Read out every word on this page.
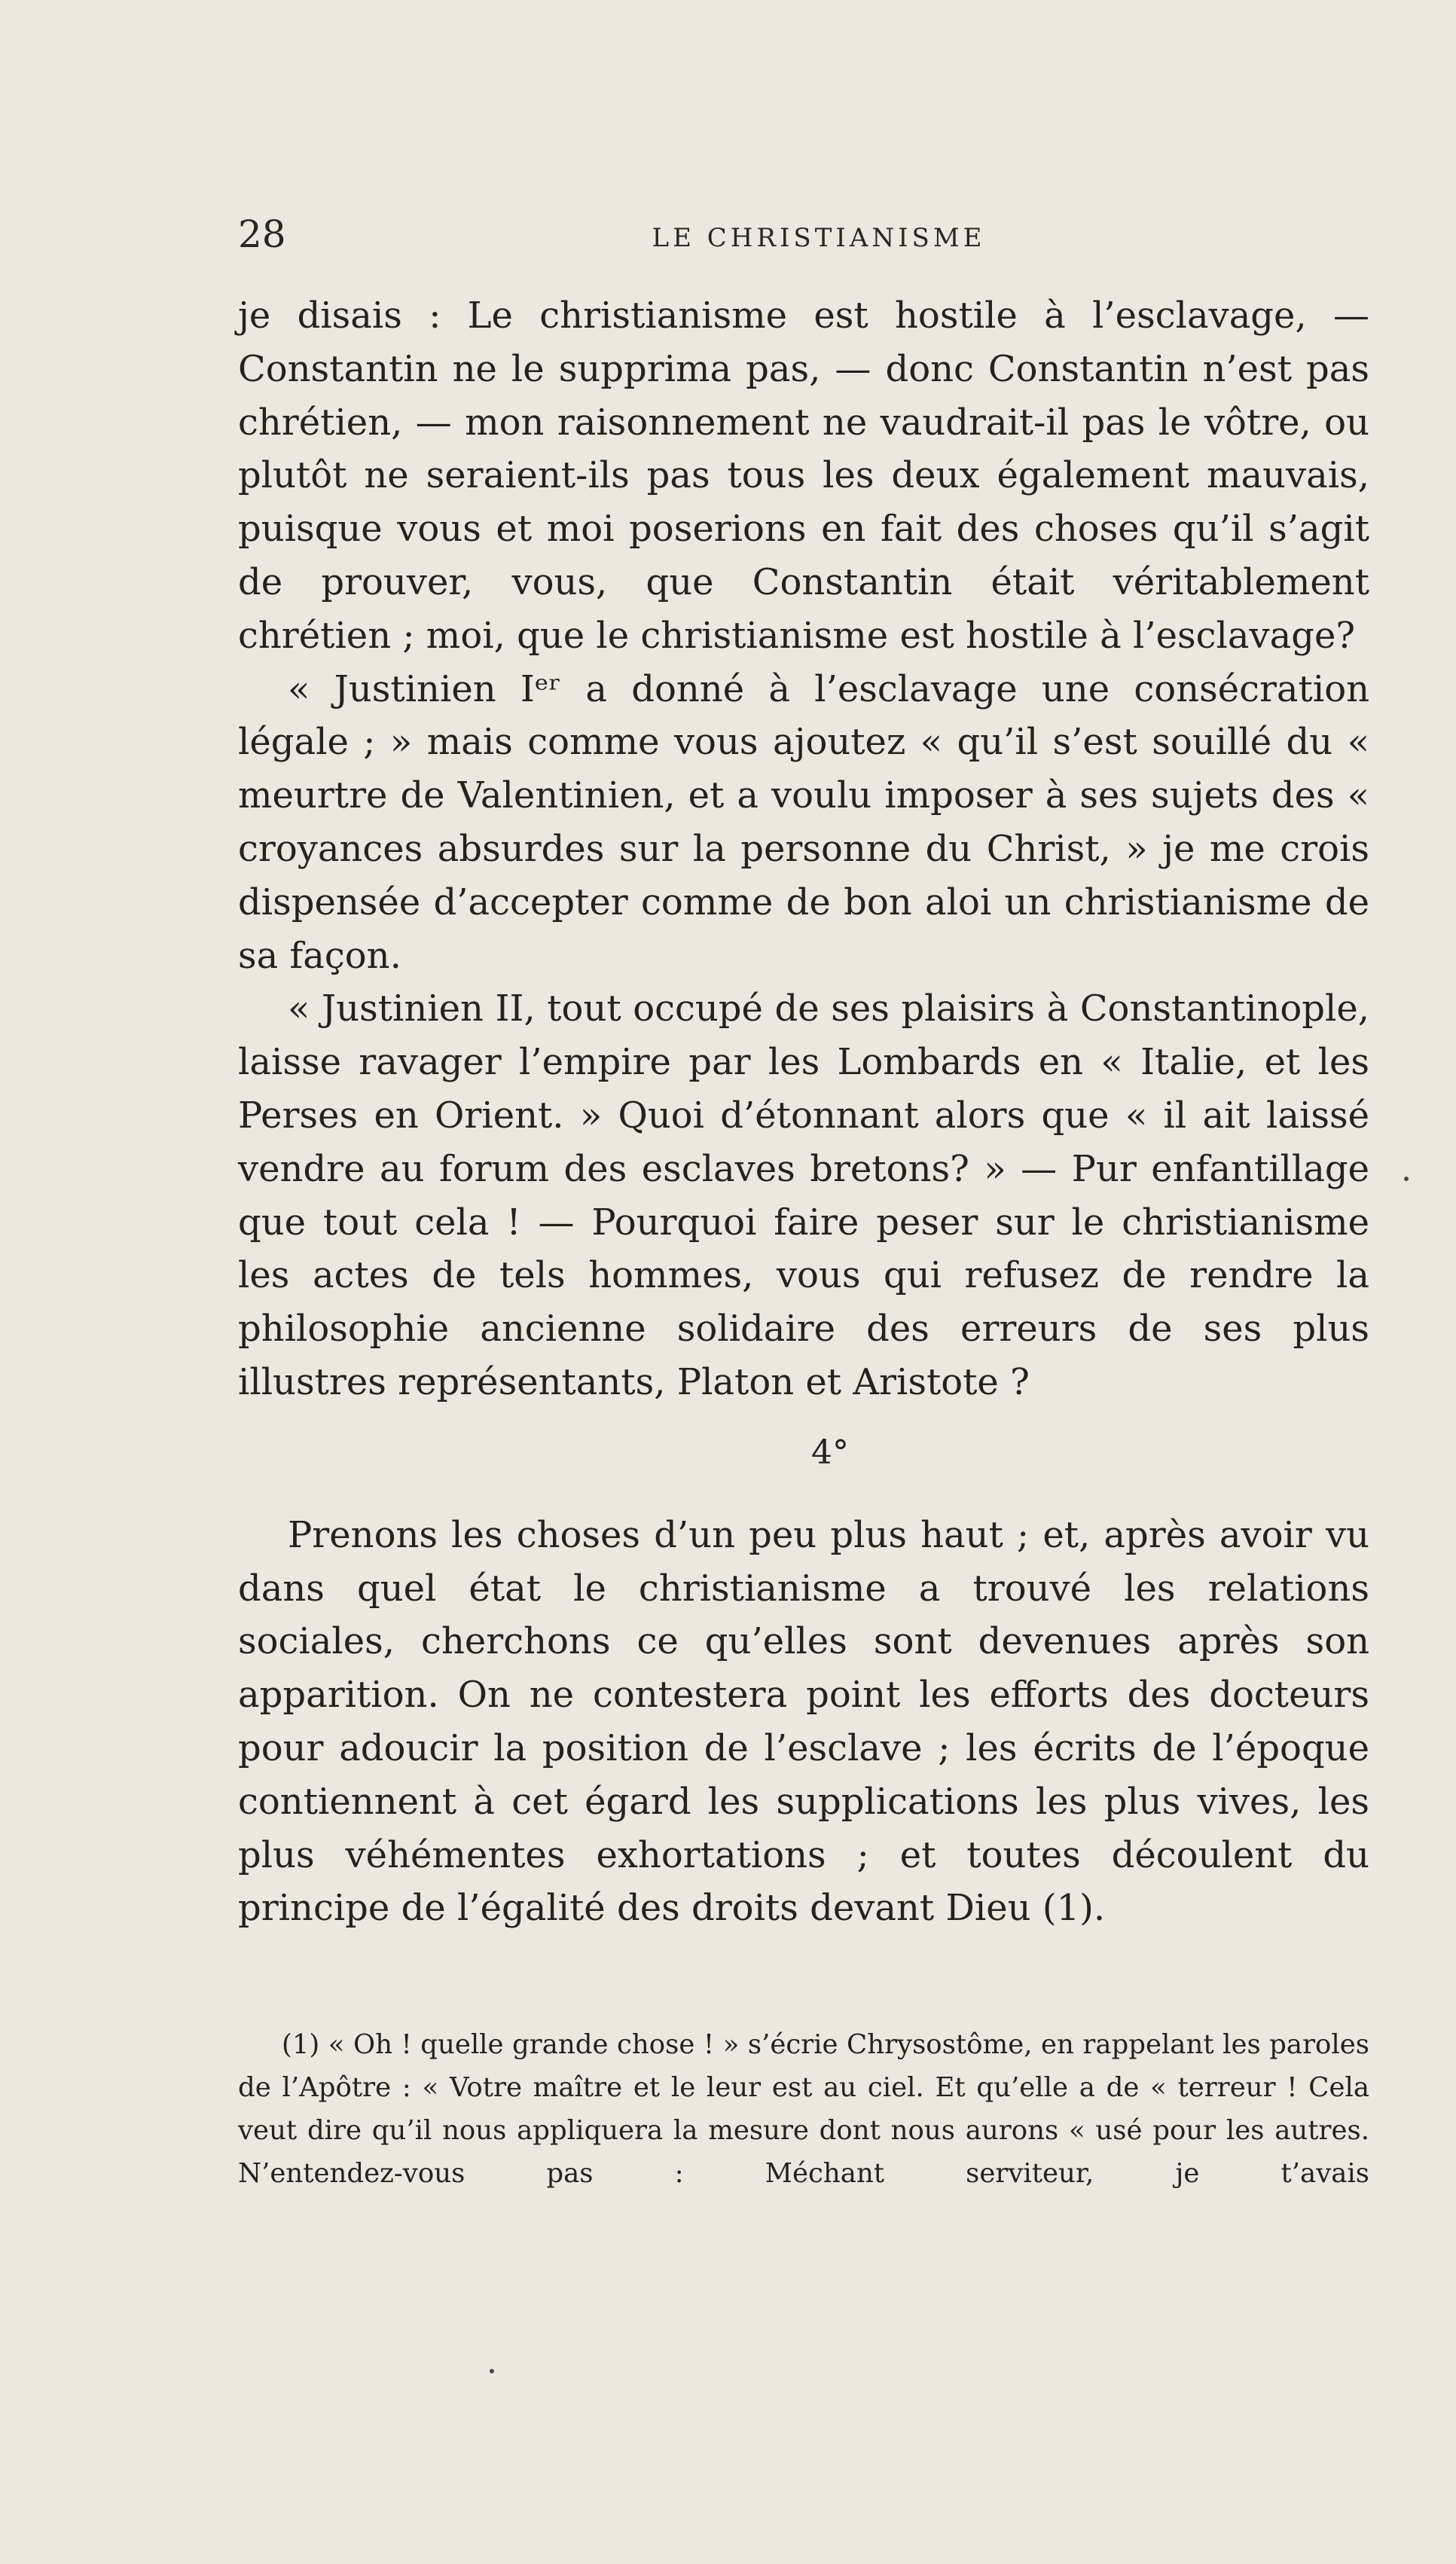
28	LE CHRISTIANISME

je disais : Le christianisme est hostile à l’esclavage, — Constantin ne le supprima pas, — donc Constantin n’est pas chrétien, — mon raisonnement ne vaudrait-il pas le vôtre, ou plutôt ne seraient-ils pas tous les deux également mauvais, puisque vous et moi poserions en fait des choses qu’il s’agit de prouver, vous, que Constantin était véritablement chrétien ; moi, que le christianisme est hostile à l’esclavage?

« Justinien Iᵉʳ a donné à l’esclavage une consécration légale ; » mais comme vous ajoutez « qu’il s’est souillé du « meurtre de Valentinien, et a voulu imposer à ses sujets des « croyances absurdes sur la personne du Christ, » je me crois dispensée d’accepter comme de bon aloi un christianisme de sa façon.

« Justinien II, tout occupé de ses plaisirs à Constantinople, laisse ravager l’empire par les Lombards en « Italie, et les Perses en Orient. » Quoi d’étonnant alors que « il ait laissé vendre au forum des esclaves bretons? » — Pur enfantillage que tout cela ! — Pourquoi faire peser sur le christianisme les actes de tels hommes, vous qui refusez de rendre la philosophie ancienne solidaire des erreurs de ses plus illustres représentants, Platon et Aristote ?

4°

Prenons les choses d’un peu plus haut ; et, après avoir vu dans quel état le christianisme a trouvé les relations sociales, cherchons ce qu’elles sont devenues après son apparition. On ne contestera point les efforts des docteurs pour adoucir la position de l’esclave ; les écrits de l’époque contiennent à cet égard les supplications les plus vives, les plus véhémentes exhortations ; et toutes découlent du principe de l’égalité des droits devant Dieu (1).

(1) « Oh ! quelle grande chose ! » s’écrie Chrysostôme, en rappelant les paroles de l’Apôtre : « Votre maître et le leur est au ciel. Et qu’elle a de « terreur ! Cela veut dire qu’il nous appliquera la mesure dont nous aurons « usé pour les autres. N’entendez-vous pas : Méchant serviteur, je t’avais
